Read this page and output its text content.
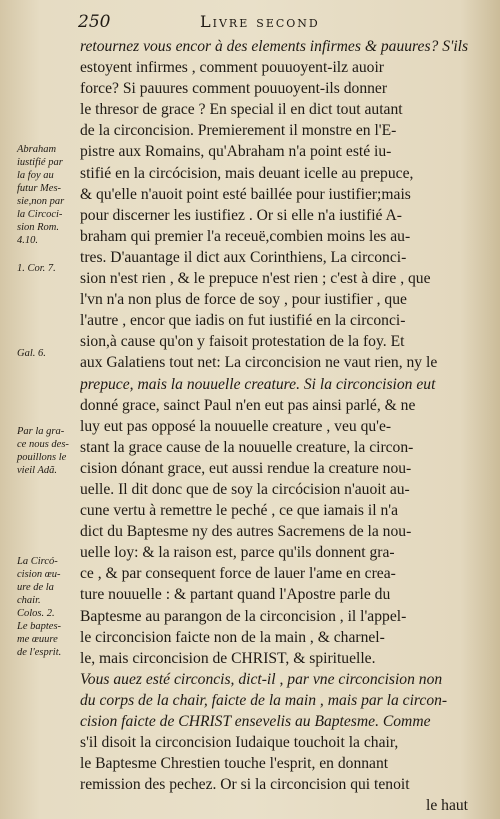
250	Livre second
retournez vous encor à des elements infirmes & pauures? S'ils
estoyent infirmes , comment pouuoyent-ilz auoir
force? Si pauures comment pouuoyent-ils donner
le thresor de grace ? En special il en dict tout autant
de la circoncision. Premierement il monstre en l'E-
pistre aux Romains, qu'Abraham n'a point esté iu-
stifié en la circócision, mais deuant icelle au prepuce,
& qu'elle n'auoit point esté baillée pour iustifier;mais
pour discerner les iustifiez . Or si elle n'a iustifié A-
braham qui premier l'a receuë,combien moins les au-
tres. D'auantage il dict aux Corinthiens, La circonci-
sion n'est rien , & le prepuce n'est rien ; c'est à dire , que
l'vn n'a non plus de force de soy , pour iustifier , que
l'autre , encor que iadis on fut iustifié en la circonci-
sion,à cause qu'on y faisoit protestation de la foy. Et
aux Galatiens tout net: La circoncision ne vaut rien, ny le
prepuce, mais la nouuelle creature. Si la circoncision eut
donné grace, sainct Paul n'en eut pas ainsi parlé, & ne
luy eut pas opposé la nouuelle creature , veu qu'e-
stant la grace cause de la nouuelle creature, la circon-
cision dónant grace, eut aussi rendue la creature nou-
uelle. Il dit donc que de soy la circócision n'auoit au-
cune vertu à remettre le peché , ce que iamais il n'a
dict du Baptesme ny des autres Sacremens de la nou-
uelle loy: & la raison est, parce qu'ils donnent gra-
ce , & par consequent force de lauer l'ame en crea-
ture nouuelle : & partant quand l'Apostre parle du
Baptesme au parangon de la circoncision , il l'appel-
le circoncision faicte non de la main , & charnel-
le, mais circoncision de CHRIST, & spirituelle.
Vous auez esté circoncis, dict-il , par vne circoncision non
du corps de la chair, faicte de la main , mais par la circon-
cision faicte de CHRIST ensevelis au Baptesme. Comme
s'il disoit la circoncision Iudaique touchoit la chair,
le Baptesme Chrestien touche l'esprit, en donnant
remission des pechez. Or si la circoncision qui tenoit
le haut
Abraham
iustifié par
la foy au
futur Mes-
sie,non par
la Circoci-
sion Rom.
4.10.
1. Cor. 7.
Gal. 6.
Par la gra-
ce nous des-
pouillons le
vieil Adã.
La Circó-
cision œu-
ure de la
chair.
Colos. 2.
Le baptes-
me œuure
de l'esprit.
